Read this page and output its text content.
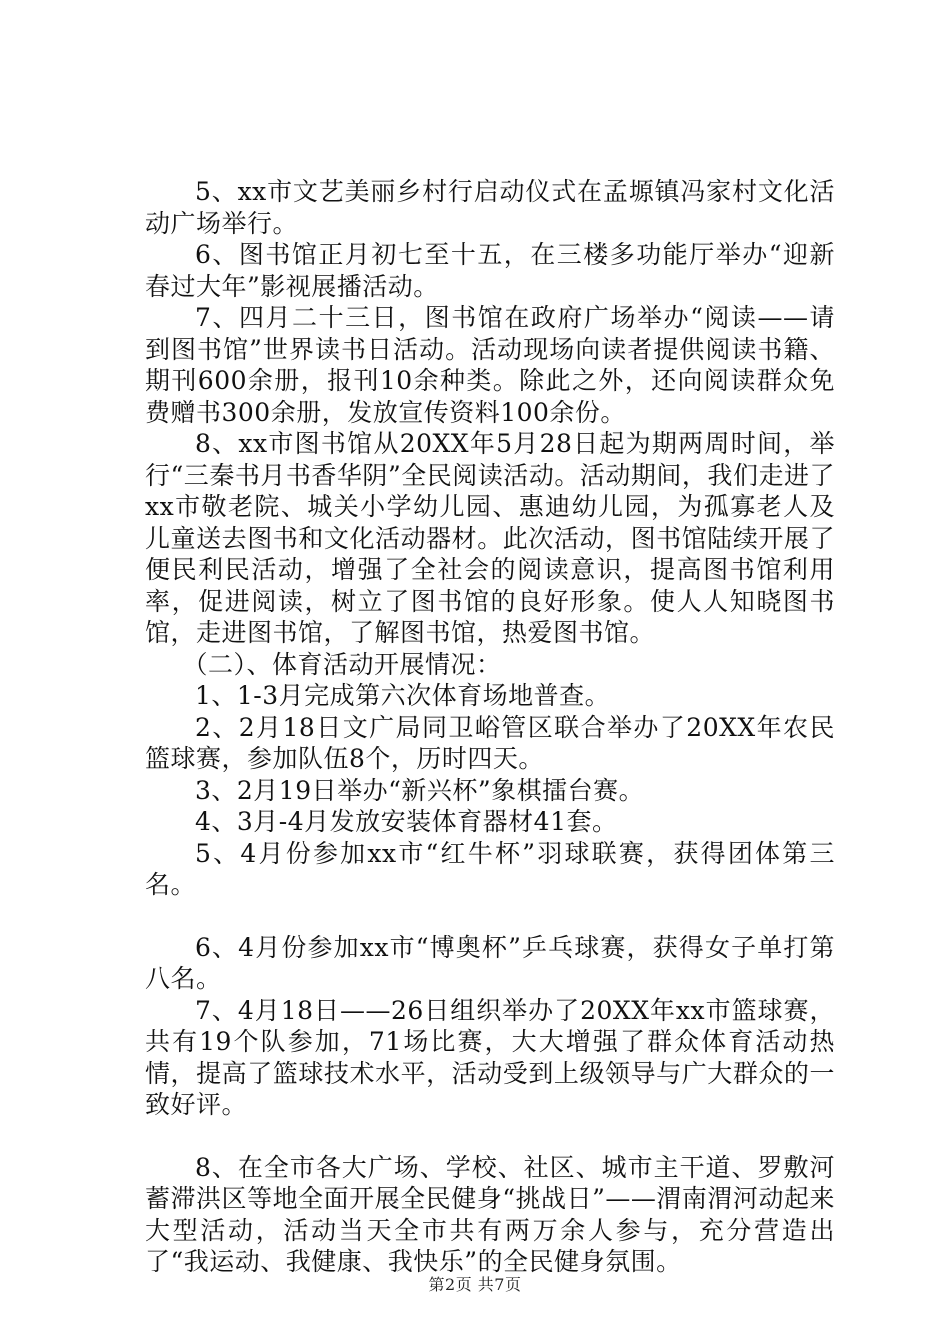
5、xx市文艺美丽乡村行启动仪式在孟塬镇冯家村文化活动广场举行。

6、图书馆正月初七至十五，在三楼多功能厅举办“迎新春过大年”影视展播活动。

7、四月二十三日，图书馆在政府广场举办“阅读——请到图书馆”世界读书日活动。活动现场向读者提供阅读书籍、期刊600余册，报刊10余种类。除此之外，还向阅读群众免费赠书300余册，发放宣传资料100余份。

8、xx市图书馆从20XX年5月28日起为期两周时间，举行“三秦书月书香华阴”全民阅读活动。活动期间，我们走进了xx市敬老院、城关小学幼儿园、惠迪幼儿园，为孤寡老人及儿童送去图书和文化活动器材。此次活动，图书馆陆续开展了便民利民活动，增强了全社会的阅读意识，提高图书馆利用率，促进阅读，树立了图书馆的良好形象。使人人知晓图书馆，走进图书馆，了解图书馆，热爱图书馆。

（二）、体育活动开展情况：

1、1-3月完成第六次体育场地普查。

2、2月18日文广局同卫峪管区联合举办了20XX年农民篮球赛，参加队伍8个，历时四天。

3、2月19日举办“新兴杯”象棋擂台赛。

4、3月-4月发放安装体育器材41套。

5、4月份参加xx市“红牛杯”羽球联赛，获得团体第三名。

6、4月份参加xx市“博奥杯”乒乓球赛，获得女子单打第八名。

7、4月18日——26日组织举办了20XX年xx市篮球赛，共有19个队参加，71场比赛，大大增强了群众体育活动热情，提高了篮球技术水平，活动受到上级领导与广大群众的一致好评。

8、在全市各大广场、学校、社区、城市主干道、罗敷河蓄滞洪区等地全面开展全民健身“挑战日”——渭南渭河动起来大型活动，活动当天全市共有两万余人参与，充分营造出了“我运动、我健康、我快乐”的全民健身氛围。

第2页 共7页
